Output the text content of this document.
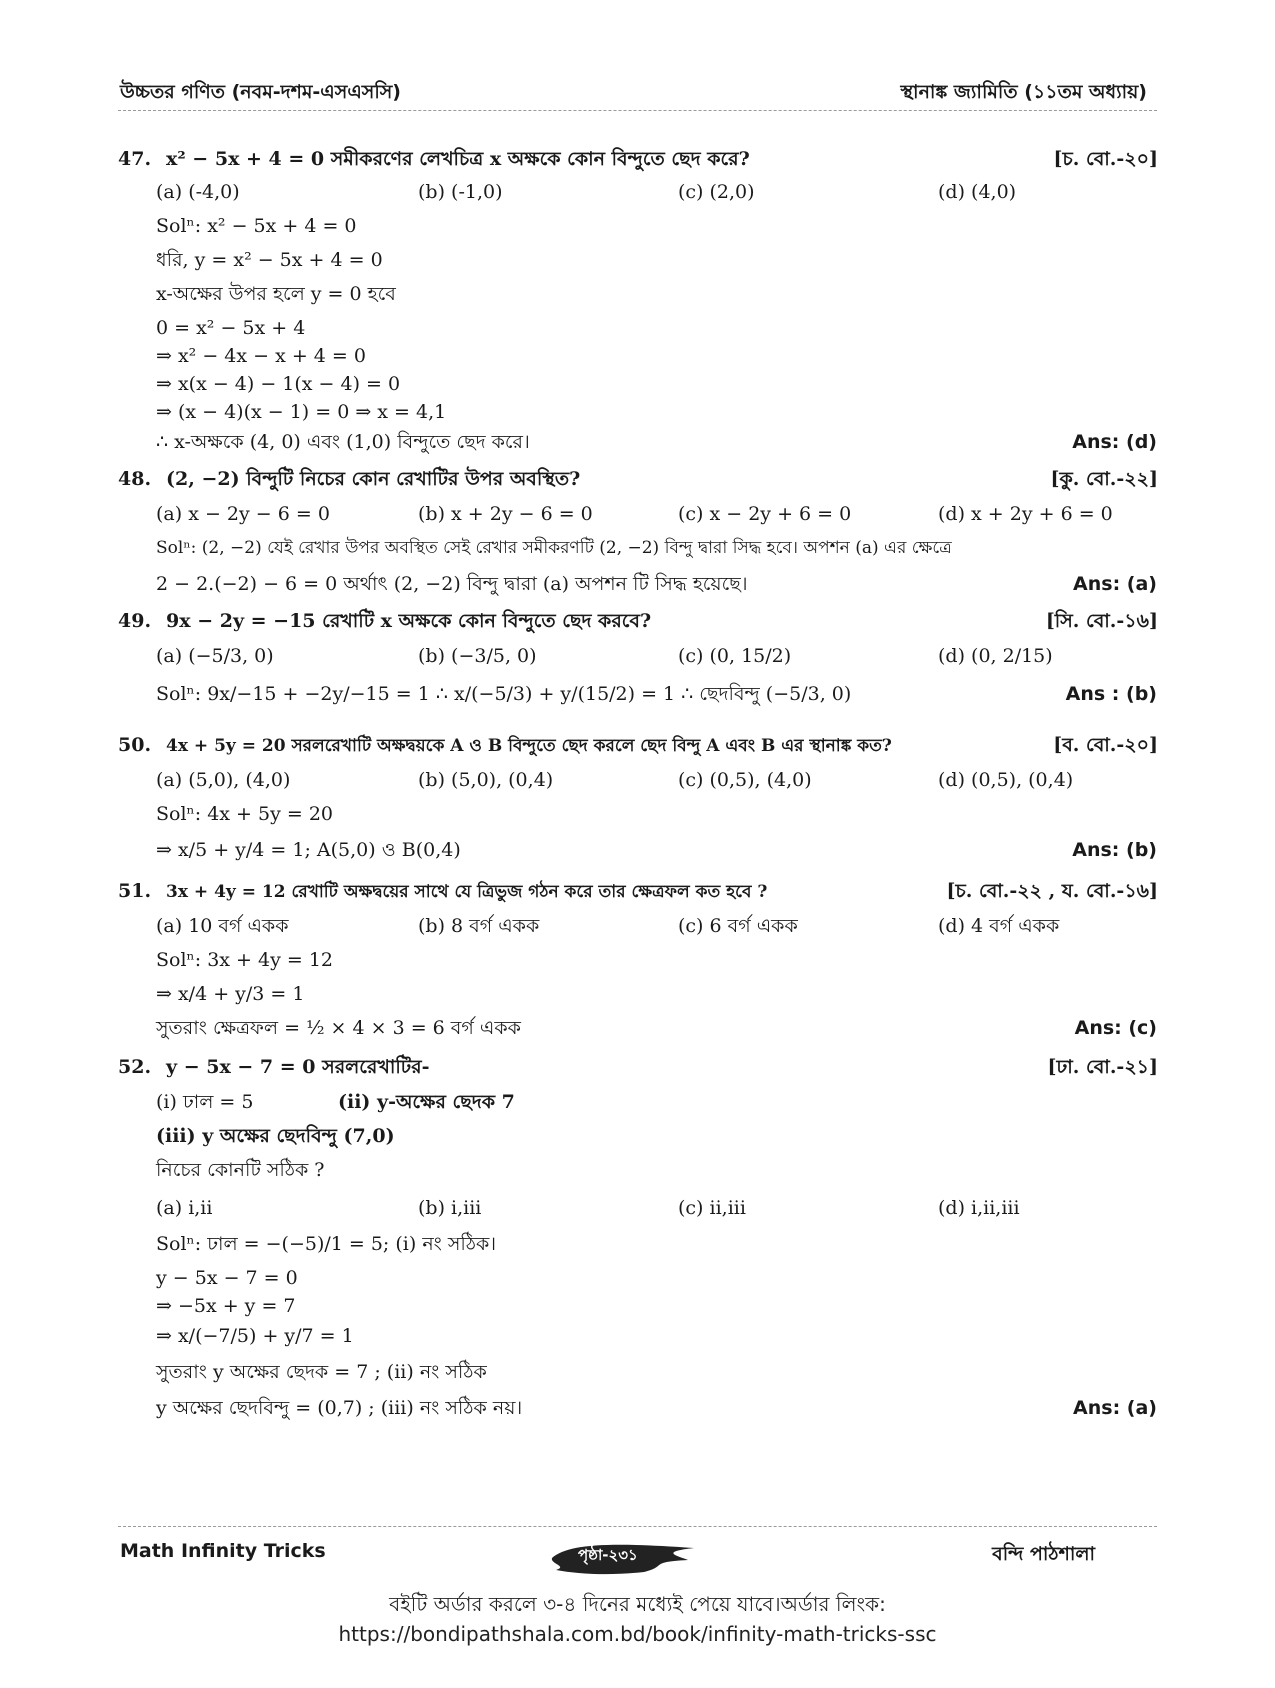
উচ্চতর গণিত (নবম-দশম-এসএসসি)	স্থানাঙ্ক জ্যামিতি (১১তম অধ্যায়)
47. x² − 5x + 4 = 0 সমীকরণের লেখচিত্র x অক্ষকে কোন বিন্দুতে ছেদ করে?	[চ. বো.-২০]
(a) (-4,0)	(b) (-1,0)	(c) (2,0)	(d) (4,0)
Solⁿ: x² − 5x + 4 = 0
ধরি, y = x² − 5x + 4 = 0
x-অক্ষের উপর হলে y = 0 হবে
0 = x² − 5x + 4
⇒ x² − 4x − x + 4 = 0
⇒ x(x − 4) − 1(x − 4) = 0
⇒ (x − 4)(x − 1) = 0 ⇒ x = 4,1
∴ x-অক্ষকে (4, 0) এবং (1,0) বিন্দুতে ছেদ করে।	Ans: (d)
48. (2, −2) বিন্দুটি নিচের কোন রেখাটির উপর অবস্থিত?	[কু. বো.-২২]
(a) x − 2y − 6 = 0	(b) x + 2y − 6 = 0	(c) x − 2y + 6 = 0	(d) x + 2y + 6 = 0
Solⁿ: (2, −2) যেই রেখার উপর অবস্থিত সেই রেখার সমীকরণটি (2, −2) বিন্দু দ্বারা সিদ্ধ হবে। অপশন (a) এর ক্ষেত্রে
2 − 2.(−2) − 6 = 0 অর্থাৎ (2, −2) বিন্দু দ্বারা (a) অপশন টি সিদ্ধ হয়েছে।	Ans: (a)
49. 9x − 2y = −15 রেখাটি x অক্ষকে কোন বিন্দুতে ছেদ করবে?	[সি. বো.-১৬]
(a) (−5/3, 0)	(b) (−3/5, 0)	(c) (0, 15/2)	(d) (0, 2/15)
Solⁿ: 9x/−15 + −2y/−15 = 1 ∴ x/(−5/3) + y/(15/2) = 1 ∴ ছেদবিন্দু (−5/3, 0)	Ans : (b)
50. 4x + 5y = 20 সরলরেখাটি অক্ষদ্বয়কে A ও B বিন্দুতে ছেদ করলে ছেদ বিন্দু A এবং B এর স্থানাঙ্ক কত?	[ব. বো.-২০]
(a) (5,0), (4,0)	(b) (5,0), (0,4)	(c) (0,5), (4,0)	(d) (0,5), (0,4)
Solⁿ: 4x + 5y = 20
⇒ x/5 + y/4 = 1; A(5,0) ও B(0,4)	Ans: (b)
51. 3x + 4y = 12 রেখাটি অক্ষদ্বয়ের সাথে যে ত্রিভুজ গঠন করে তার ক্ষেত্রফল কত হবে ?	[চ. বো.-২২ , য. বো.-১৬]
(a) 10 বর্গ একক	(b) 8 বর্গ একক	(c) 6 বর্গ একক	(d) 4 বর্গ একক
Solⁿ: 3x + 4y = 12
⇒ x/4 + y/3 = 1
সুতরাং ক্ষেত্রফল = ½ × 4 × 3 = 6 বর্গ একক	Ans: (c)
52. y − 5x − 7 = 0 সরলরেখাটির-	[ঢা. বো.-২১]
(i) ঢাল = 5	(ii) y-অক্ষের ছেদক 7
(iii) y অক্ষের ছেদবিন্দু (7,0)
নিচের কোনটি সঠিক ?
(a) i,ii	(b) i,iii	(c) ii,iii	(d) i,ii,iii
Solⁿ: ঢাল = −(−5)/1 = 5; (i) নং সঠিক।
y − 5x − 7 = 0
⇒ −5x + y = 7
⇒ x/(−7/5) + y/7 = 1
সুতরাং y অক্ষের ছেদক = 7 ; (ii) নং সঠিক
y অক্ষের ছেদবিন্দু = (0,7) ; (iii) নং সঠিক নয়।	Ans: (a)
Math Infinity Tricks	পৃষ্ঠা-২৩১	বন্দি পাঠশালা
বইটি অর্ডার করলে ৩-৪ দিনের মধ্যেই পেয়ে যাবে।অর্ডার লিংক:
https://bondipathshala.com.bd/book/infinity-math-tricks-ssc
